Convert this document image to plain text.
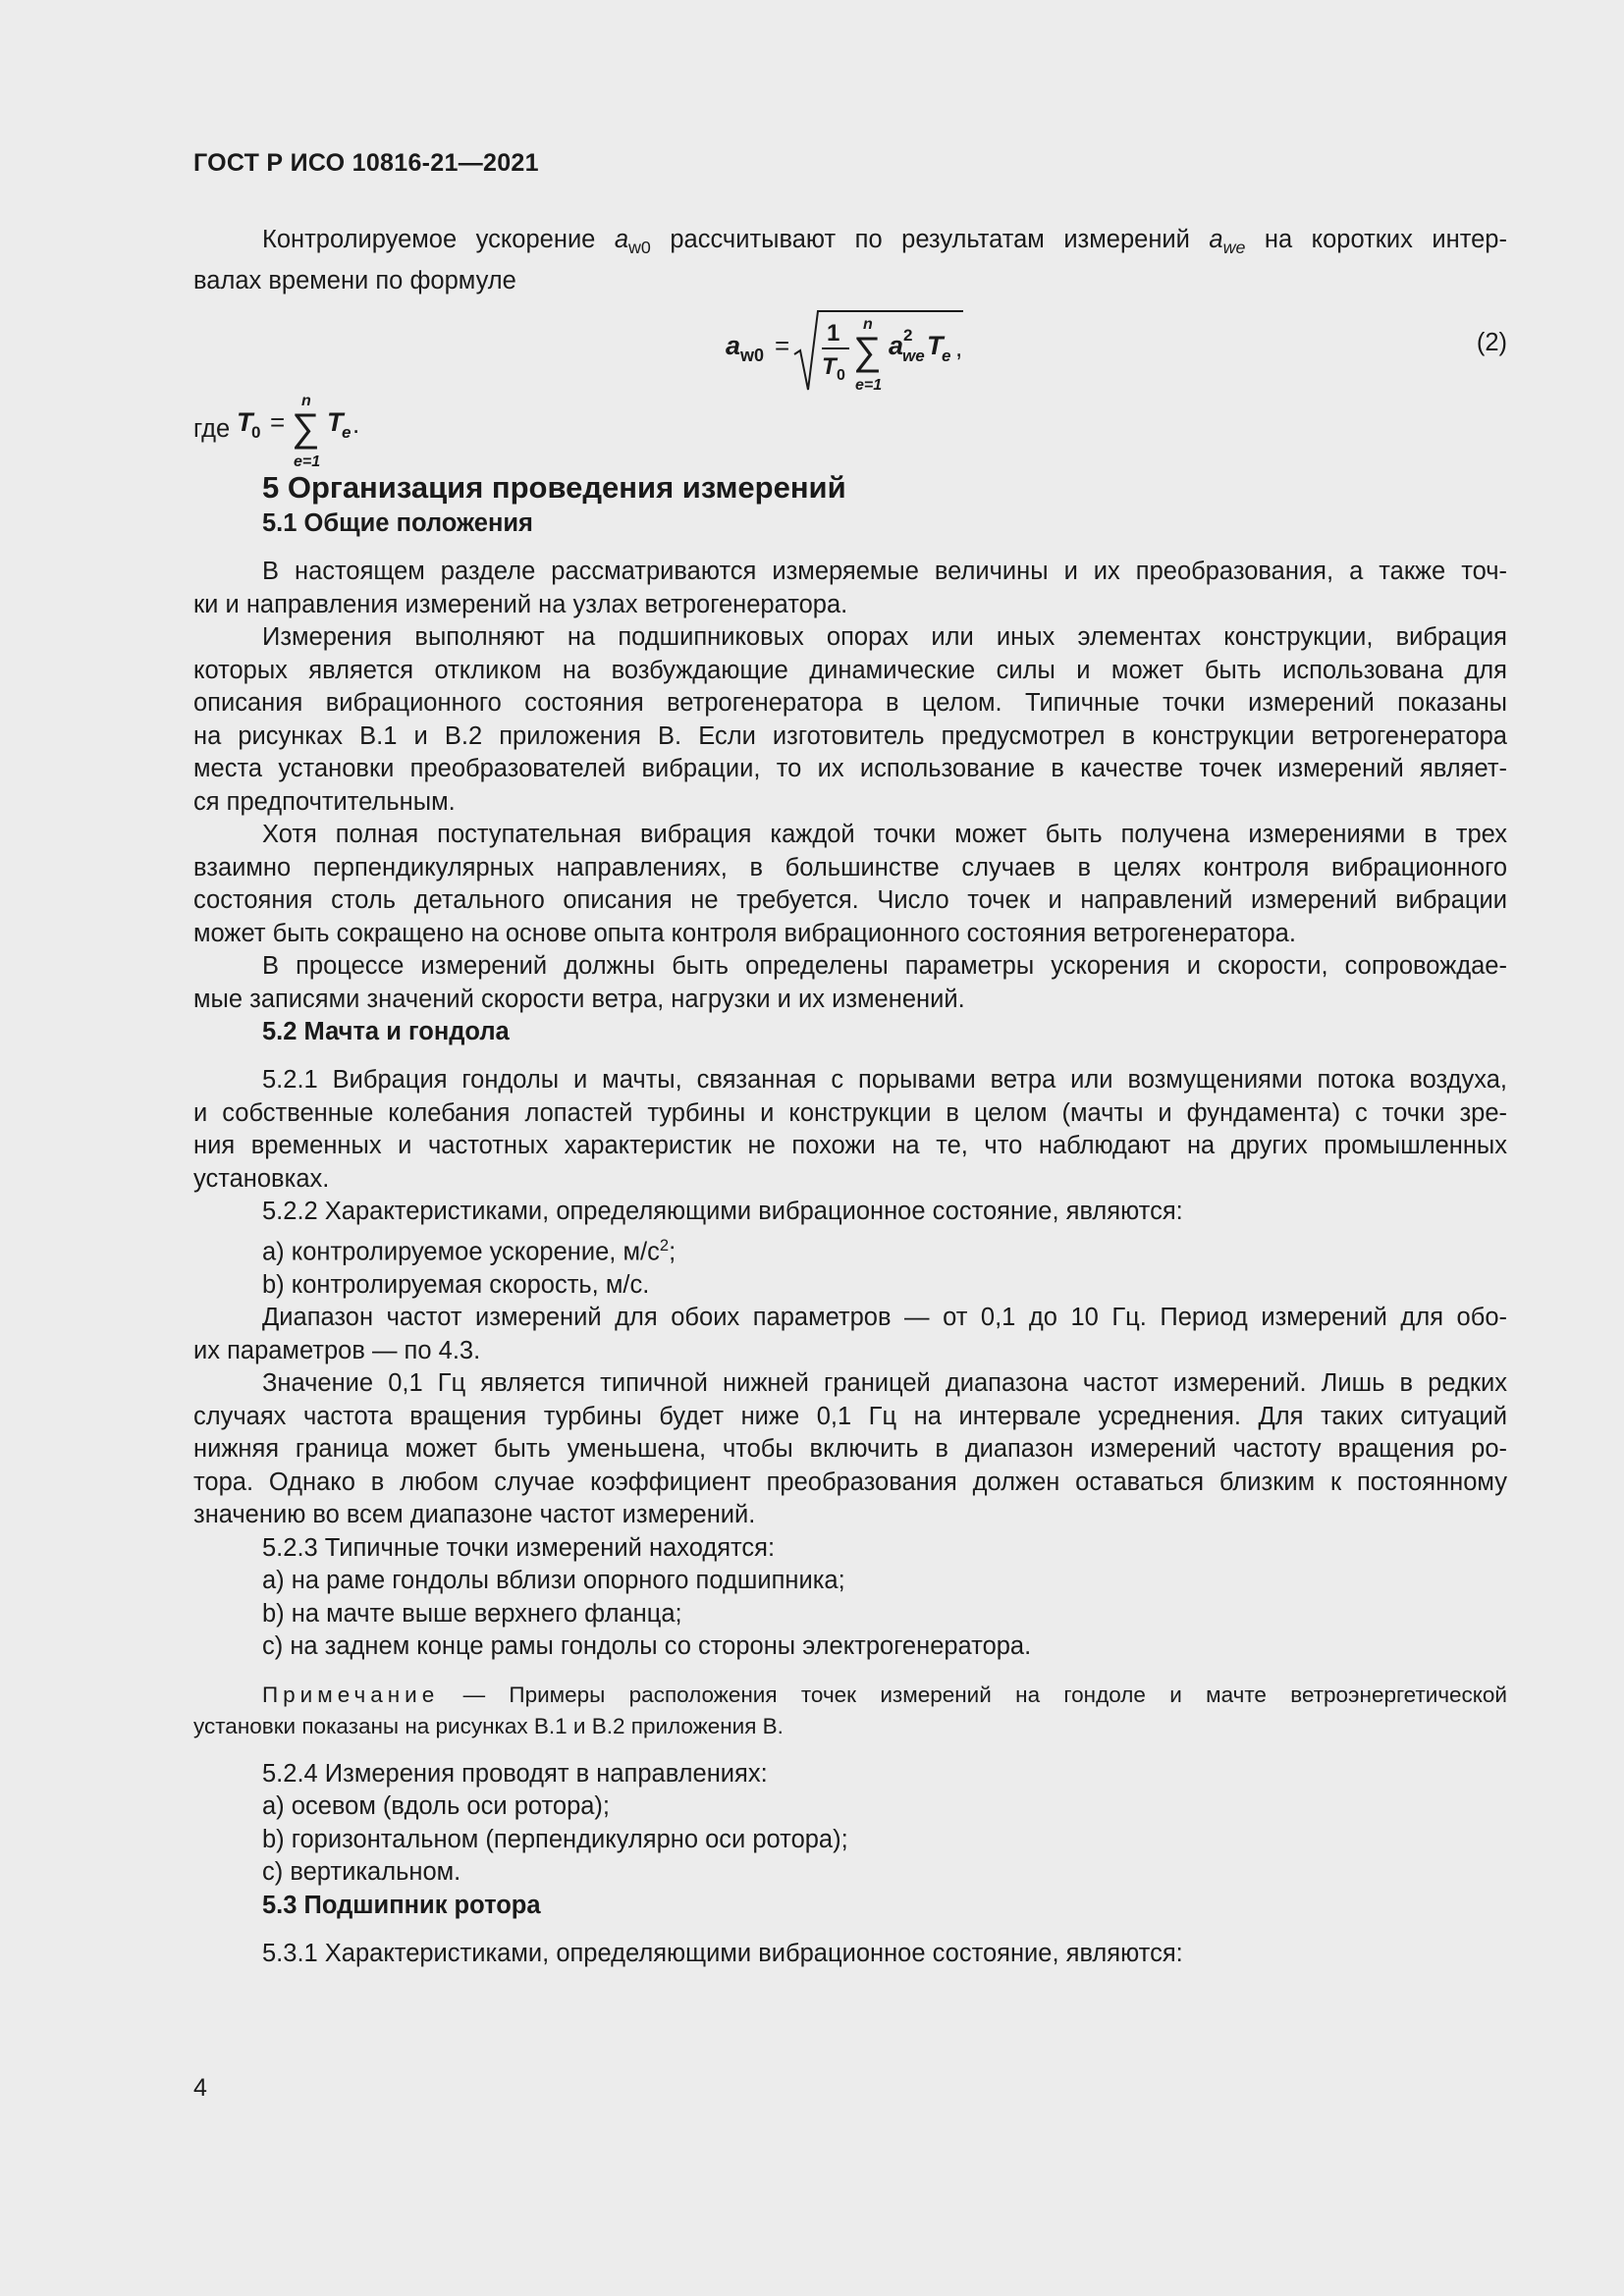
ГОСТ Р ИСО 10816-21—2021

Контролируемое ускорение $a_{w0}$ рассчитывают по результатам измерений $a_{we}$ на коротких интер-

валах времени по формуле

a w0 = 1
T 0
n
∑
e=1
a 2
we T
e ,	(2)
где T
0 =
n
∑
e=1
T
e .
5 Организация проведения измерений
5.1 Общие положения

В настоящем разделе рассматриваются измеряемые величины и их преобразования, а также точ-

ки и направления измерений на узлах ветрогенератора.

Измерения выполняют на подшипниковых опорах или иных элементах конструкции, вибрация

которых является откликом на возбуждающие динамические силы и может быть использована для

описания вибрационного состояния ветрогенератора в целом. Типичные точки измерений показаны

на рисунках В.1 и В.2 приложения В. Если изготовитель предусмотрел в конструкции ветрогенератора

места установки преобразователей вибрации, то их использование в качестве точек измерений являет-

ся предпочтительным.

Хотя полная поступательная вибрация каждой точки может быть получена измерениями в трех

взаимно перпендикулярных направлениях, в большинстве случаев в целях контроля вибрационного

состояния столь детального описания не требуется. Число точек и направлений измерений вибрации

может быть сокращено на основе опыта контроля вибрационного состояния ветрогенератора.

В процессе измерений должны быть определены параметры ускорения и скорости, сопровождае-

мые записями значений скорости ветра, нагрузки и их изменений.

5.2 Мачта и гондола

5.2.1 Вибрация гондолы и мачты, связанная с порывами ветра или возмущениями потока воздуха,

и собственные колебания лопастей турбины и конструкции в целом (мачты и фундамента) с точки зре-

ния временных и частотных характеристик не похожи на те, что наблюдают на других промышленных

установках.

5.2.2 Характеристиками, определяющими вибрационное состояние, являются:

а) контролируемое ускорение, $м/с^2$;

b) контролируемая скорость, м/с.

Диапазон частот измерений для обоих параметров — от 0,1 до 10 Гц. Период измерений для обо-

их параметров — по 4.3.

Значение 0,1 Гц является типичной нижней границей диапазона частот измерений. Лишь в редких

случаях частота вращения турбины будет ниже 0,1 Гц на интервале усреднения. Для таких ситуаций

нижняя граница может быть уменьшена, чтобы включить в диапазон измерений частоту вращения ро-

тора. Однако в любом случае коэффициент преобразования должен оставаться близким к постоянному

значению во всем диапазоне частот измерений.

5.2.3 Типичные точки измерений находятся:

а) на раме гондолы вблизи опорного подшипника;

b) на мачте выше верхнего фланца;

c) на заднем конце рамы гондолы со стороны электрогенератора.

Примечание — Примеры расположения точек измерений на гондоле и мачте ветроэнергетической

установки показаны на рисунках В.1 и В.2 приложения В.

5.2.4 Измерения проводят в направлениях:

а) осевом (вдоль оси ротора);

b) горизонтальном (перпендикулярно оси ротора);

c) вертикальном.

5.3 Подшипник ротора

5.3.1 Характеристиками, определяющими вибрационное состояние, являются:

4
